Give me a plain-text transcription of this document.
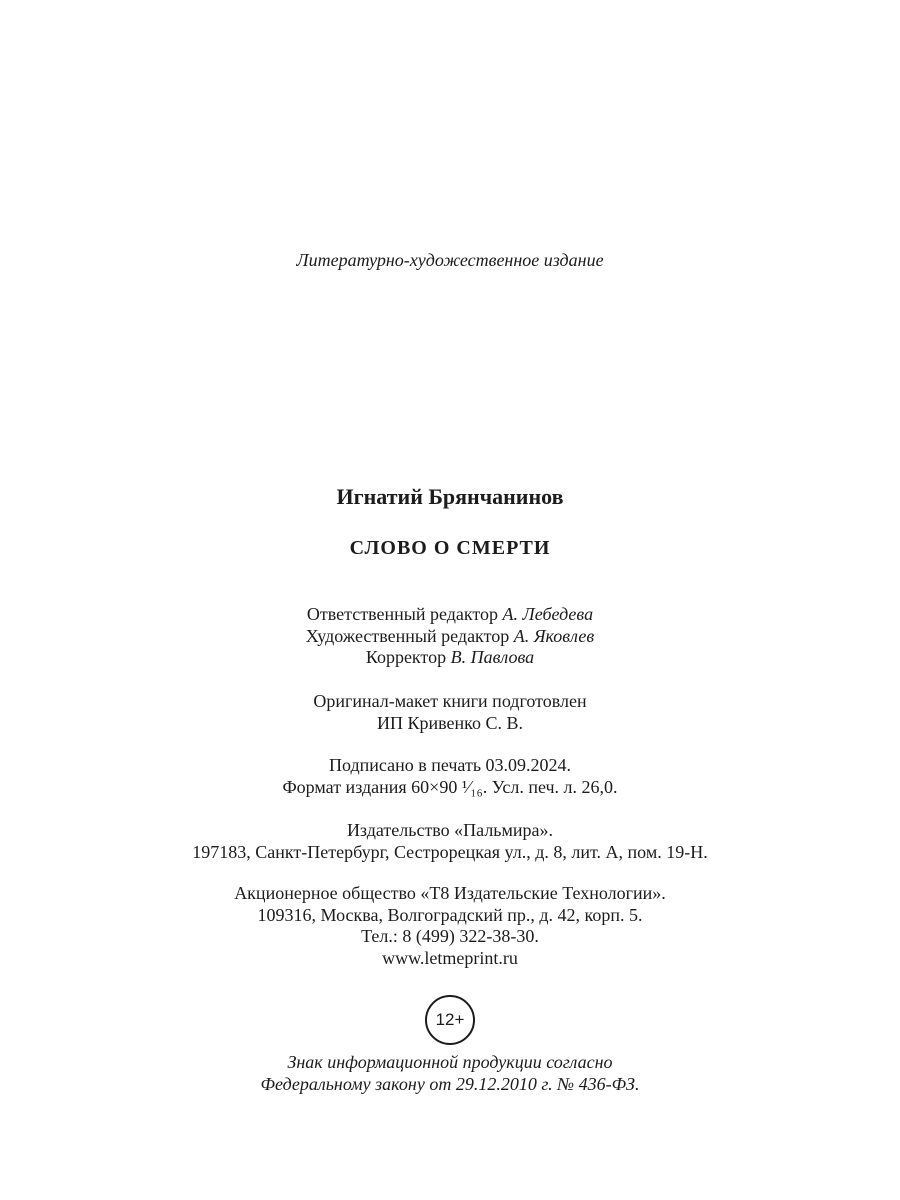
Литературно-художественное издание
Игнатий Брянчанинов
СЛОВО О СМЕРТИ
Ответственный редактор А. Лебедева
Художественный редактор А. Яковлев
Корректор В. Павлова
Оригинал-макет книги подготовлен
ИП Кривенко С. В.
Подписано в печать 03.09.2024.
Формат издания 60×90 ¹⁄₁₆. Усл. печ. л. 26,0.
Издательство «Пальмира».
197183, Санкт-Петербург, Сестрорецкая ул., д. 8, лит. А, пом. 19-Н.
Акционерное общество «Т8 Издательские Технологии».
109316, Москва, Волгоградский пр., д. 42, корп. 5.
Тел.: 8 (499) 322-38-30.
www.letmeprint.ru
12+
Знак информационной продукции согласно
Федеральному закону от 29.12.2010 г. № 436-ФЗ.
